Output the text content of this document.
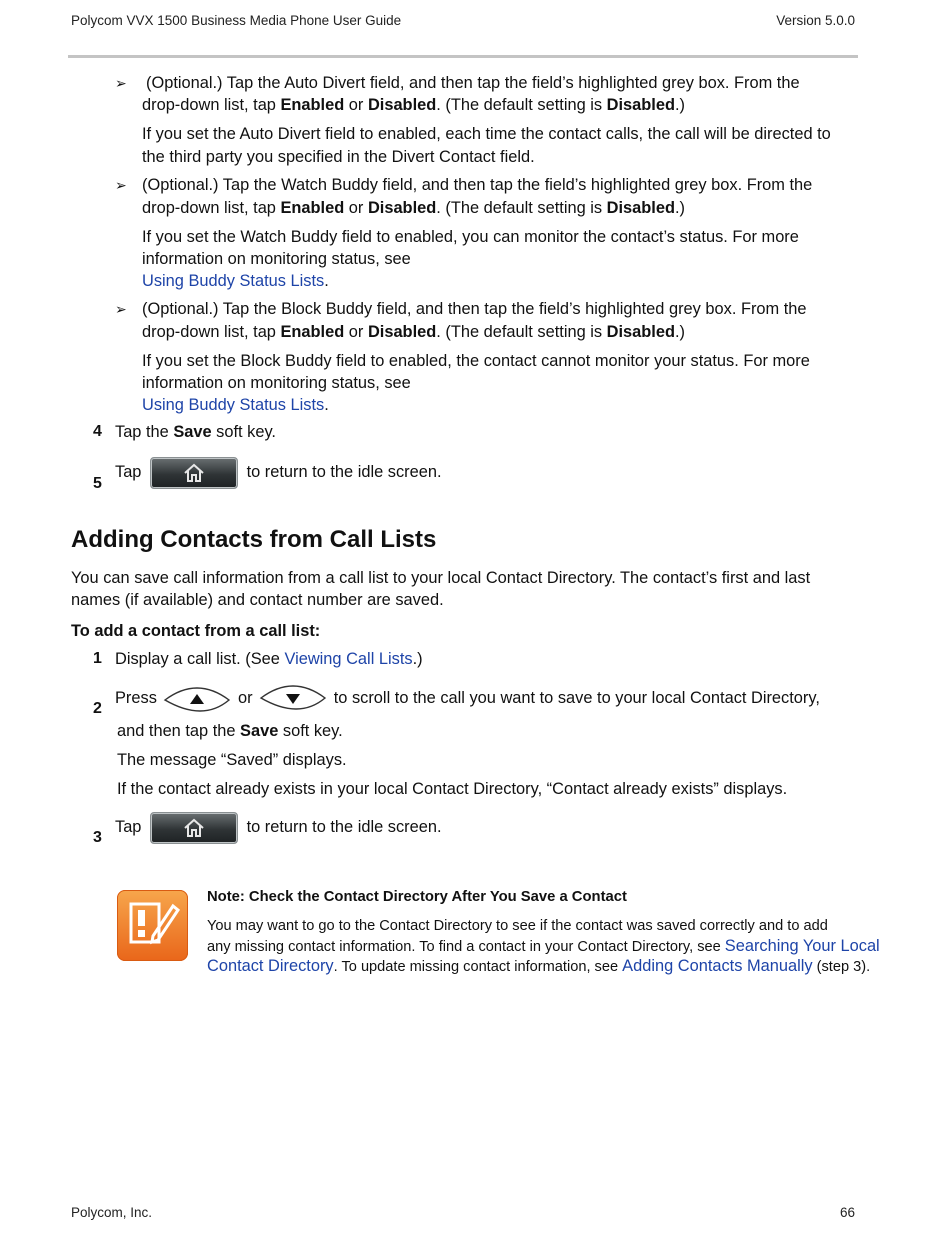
Polycom VVX 1500 Business Media Phone User Guide	Version 5.0.0
➢ (Optional.) Tap the Auto Divert field, and then tap the field’s highlighted grey box. From the
drop-down list, tap Enabled or Disabled. (The default setting is Disabled.)
If you set the Auto Divert field to enabled, each time the contact calls, the call will be directed to
the third party you specified in the Divert Contact field.
➢ (Optional.) Tap the Watch Buddy field, and then tap the field’s highlighted grey box. From the
drop-down list, tap Enabled or Disabled. (The default setting is Disabled.)
If you set the Watch Buddy field to enabled, you can monitor the contact’s status. For more
information on monitoring status, see
Using Buddy Status Lists.
➢ (Optional.) Tap the Block Buddy field, and then tap the field’s highlighted grey box. From the
drop-down list, tap Enabled or Disabled. (The default setting is Disabled.)
If you set the Block Buddy field to enabled, the contact cannot monitor your status. For more
information on monitoring status, see
Using Buddy Status Lists.
4 Tap the Save soft key.
5
Tap	to return to the idle screen.
Adding Contacts from Call Lists
You can save call information from a call list to your local Contact Directory. The contact’s first and last
names (if available) and contact number are saved.
To add a contact from a call list:
1 Display a call list. (See Viewing Call Lists.)
2
Press	or	to scroll to the call you want to save to your local Contact Directory,
and then tap the Save soft key.
The message “Saved” displays.
If the contact already exists in your local Contact Directory, “Contact already exists” displays.
3
Tap	to return to the idle screen.
Note: Check the Contact Directory After You Save a Contact
You may want to go to the Contact Directory to see if the contact was saved correctly and to add
any missing contact information. To find a contact in your Contact Directory, see Searching Your Local Contact Directory. To update missing contact information, see Adding Contacts Manually (step 3).
Polycom, Inc.	66
